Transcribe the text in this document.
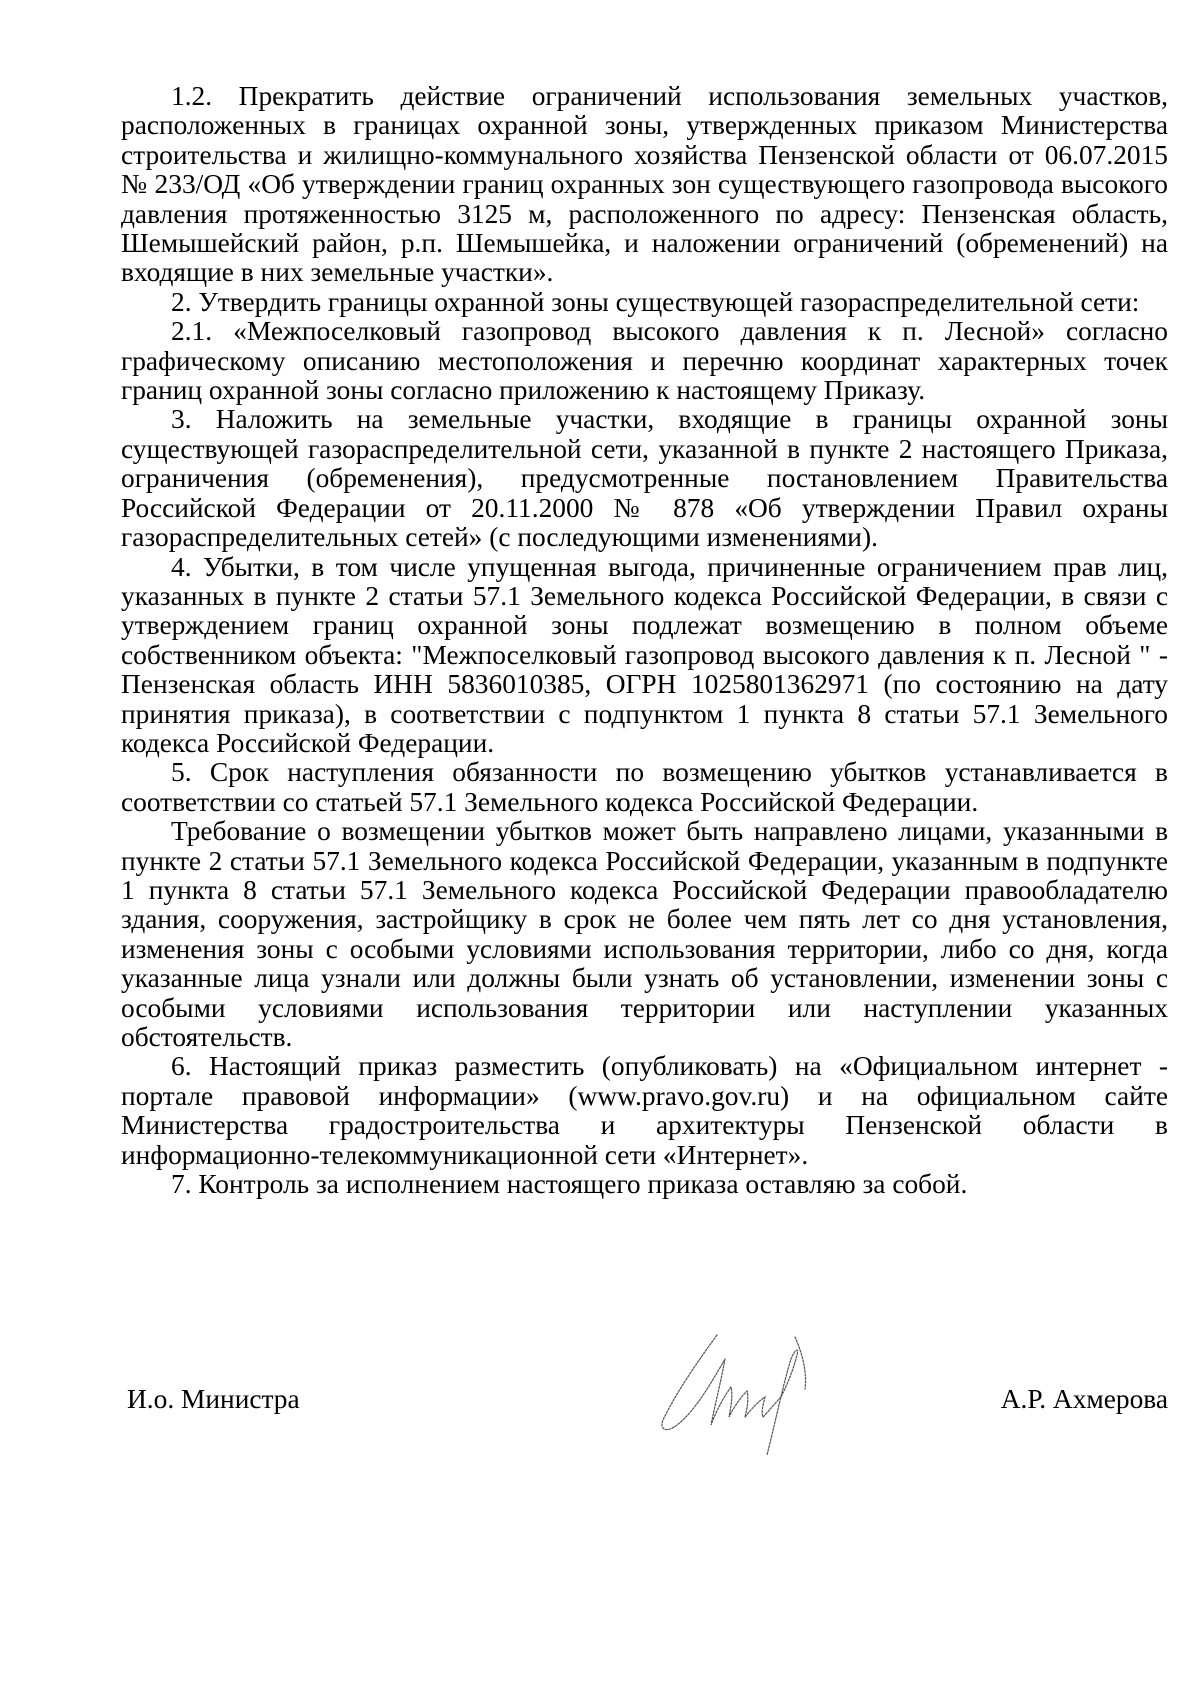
1.2. Прекратить действие ограничений использования земельных участков, расположенных в границах охранной зоны, утвержденных приказом Министерства строительства и жилищно-коммунального хозяйства Пензенской области от 06.07.2015 № 233/ОД «Об утверждении границ охранных зон существующего газопровода высокого давления протяженностью 3125 м, расположенного по адресу: Пензенская область, Шемышейский район, р.п. Шемышейка, и наложении ограничений (обременений) на входящие в них земельные участки».

2. Утвердить границы охранной зоны существующей газораспределительной сети:

2.1. «Межпоселковый газопровод высокого давления к п. Лесной» согласно графическому описанию местоположения и перечню координат характерных точек границ охранной зоны согласно приложению к настоящему Приказу.

3. Наложить на земельные участки, входящие в границы охранной зоны существующей газораспределительной сети, указанной в пункте 2 настоящего Приказа, ограничения (обременения), предусмотренные постановлением Правительства Российской Федерации от 20.11.2000 № 878 «Об утверждении Правил охраны газораспределительных сетей» (с последующими изменениями).

4. Убытки, в том числе упущенная выгода, причиненные ограничением прав лиц, указанных в пункте 2 статьи 57.1 Земельного кодекса Российской Федерации, в связи с утверждением границ охранной зоны подлежат возмещению в полном объеме собственником объекта: "Межпоселковый газопровод высокого давления к п. Лесной " - Пензенская область ИНН 5836010385, ОГРН 1025801362971 (по состоянию на дату принятия приказа), в соответствии с подпунктом 1 пункта 8 статьи 57.1 Земельного кодекса Российской Федерации.

5. Срок наступления обязанности по возмещению убытков устанавливается в соответствии со статьей 57.1 Земельного кодекса Российской Федерации.

Требование о возмещении убытков может быть направлено лицами, указанными в пункте 2 статьи 57.1 Земельного кодекса Российской Федерации, указанным в подпункте 1 пункта 8 статьи 57.1 Земельного кодекса Российской Федерации правообладателю здания, сооружения, застройщику в срок не более чем пять лет со дня установления, изменения зоны с особыми условиями использования территории, либо со дня, когда указанные лица узнали или должны были узнать об установлении, изменении зоны с особыми условиями использования территории или наступлении указанных обстоятельств.

6. Настоящий приказ разместить (опубликовать) на «Официальном интернет - портале правовой информации» (www.pravo.gov.ru) и на официальном сайте Министерства градостроительства и архитектуры Пензенской области в информационно-телекоммуникационной сети «Интернет».

7. Контроль за исполнением настоящего приказа оставляю за собой.

И.о. Министра	А.Р. Ахмерова
